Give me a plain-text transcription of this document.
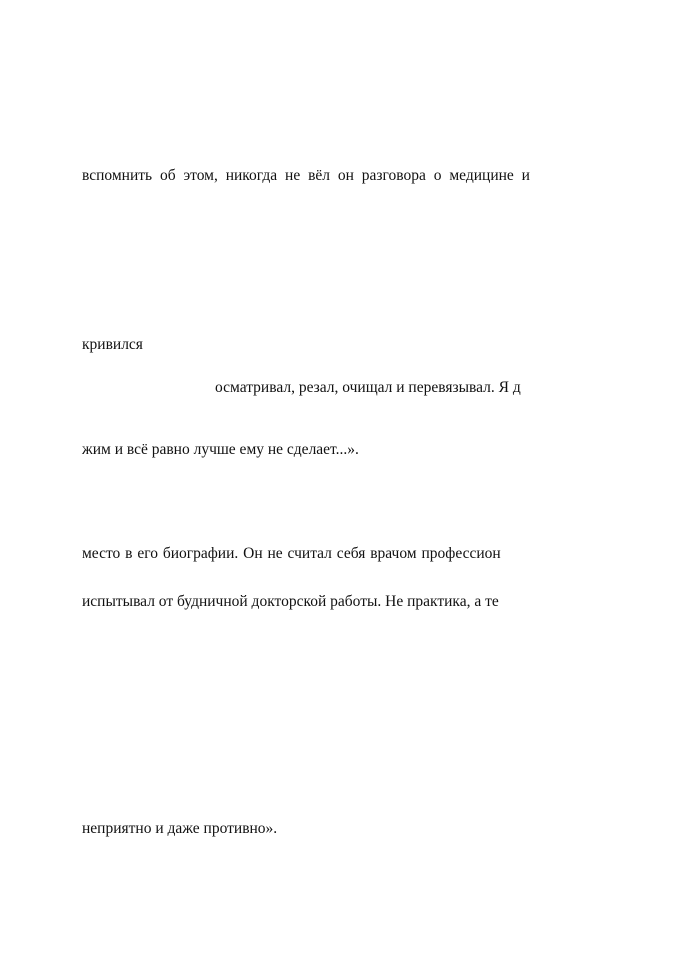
вспомнить об этом, никогда не вёл он разговора о медицине и
кривился
осматривал, резал, очищал и перевязывал. Я д
жим и всё равно лучше ему не сделает...».
место в его биографии. Он не считал себя врачом профессион
испытывал от будничной докторской работы. Не практика, а те
неприятно и даже противно».
